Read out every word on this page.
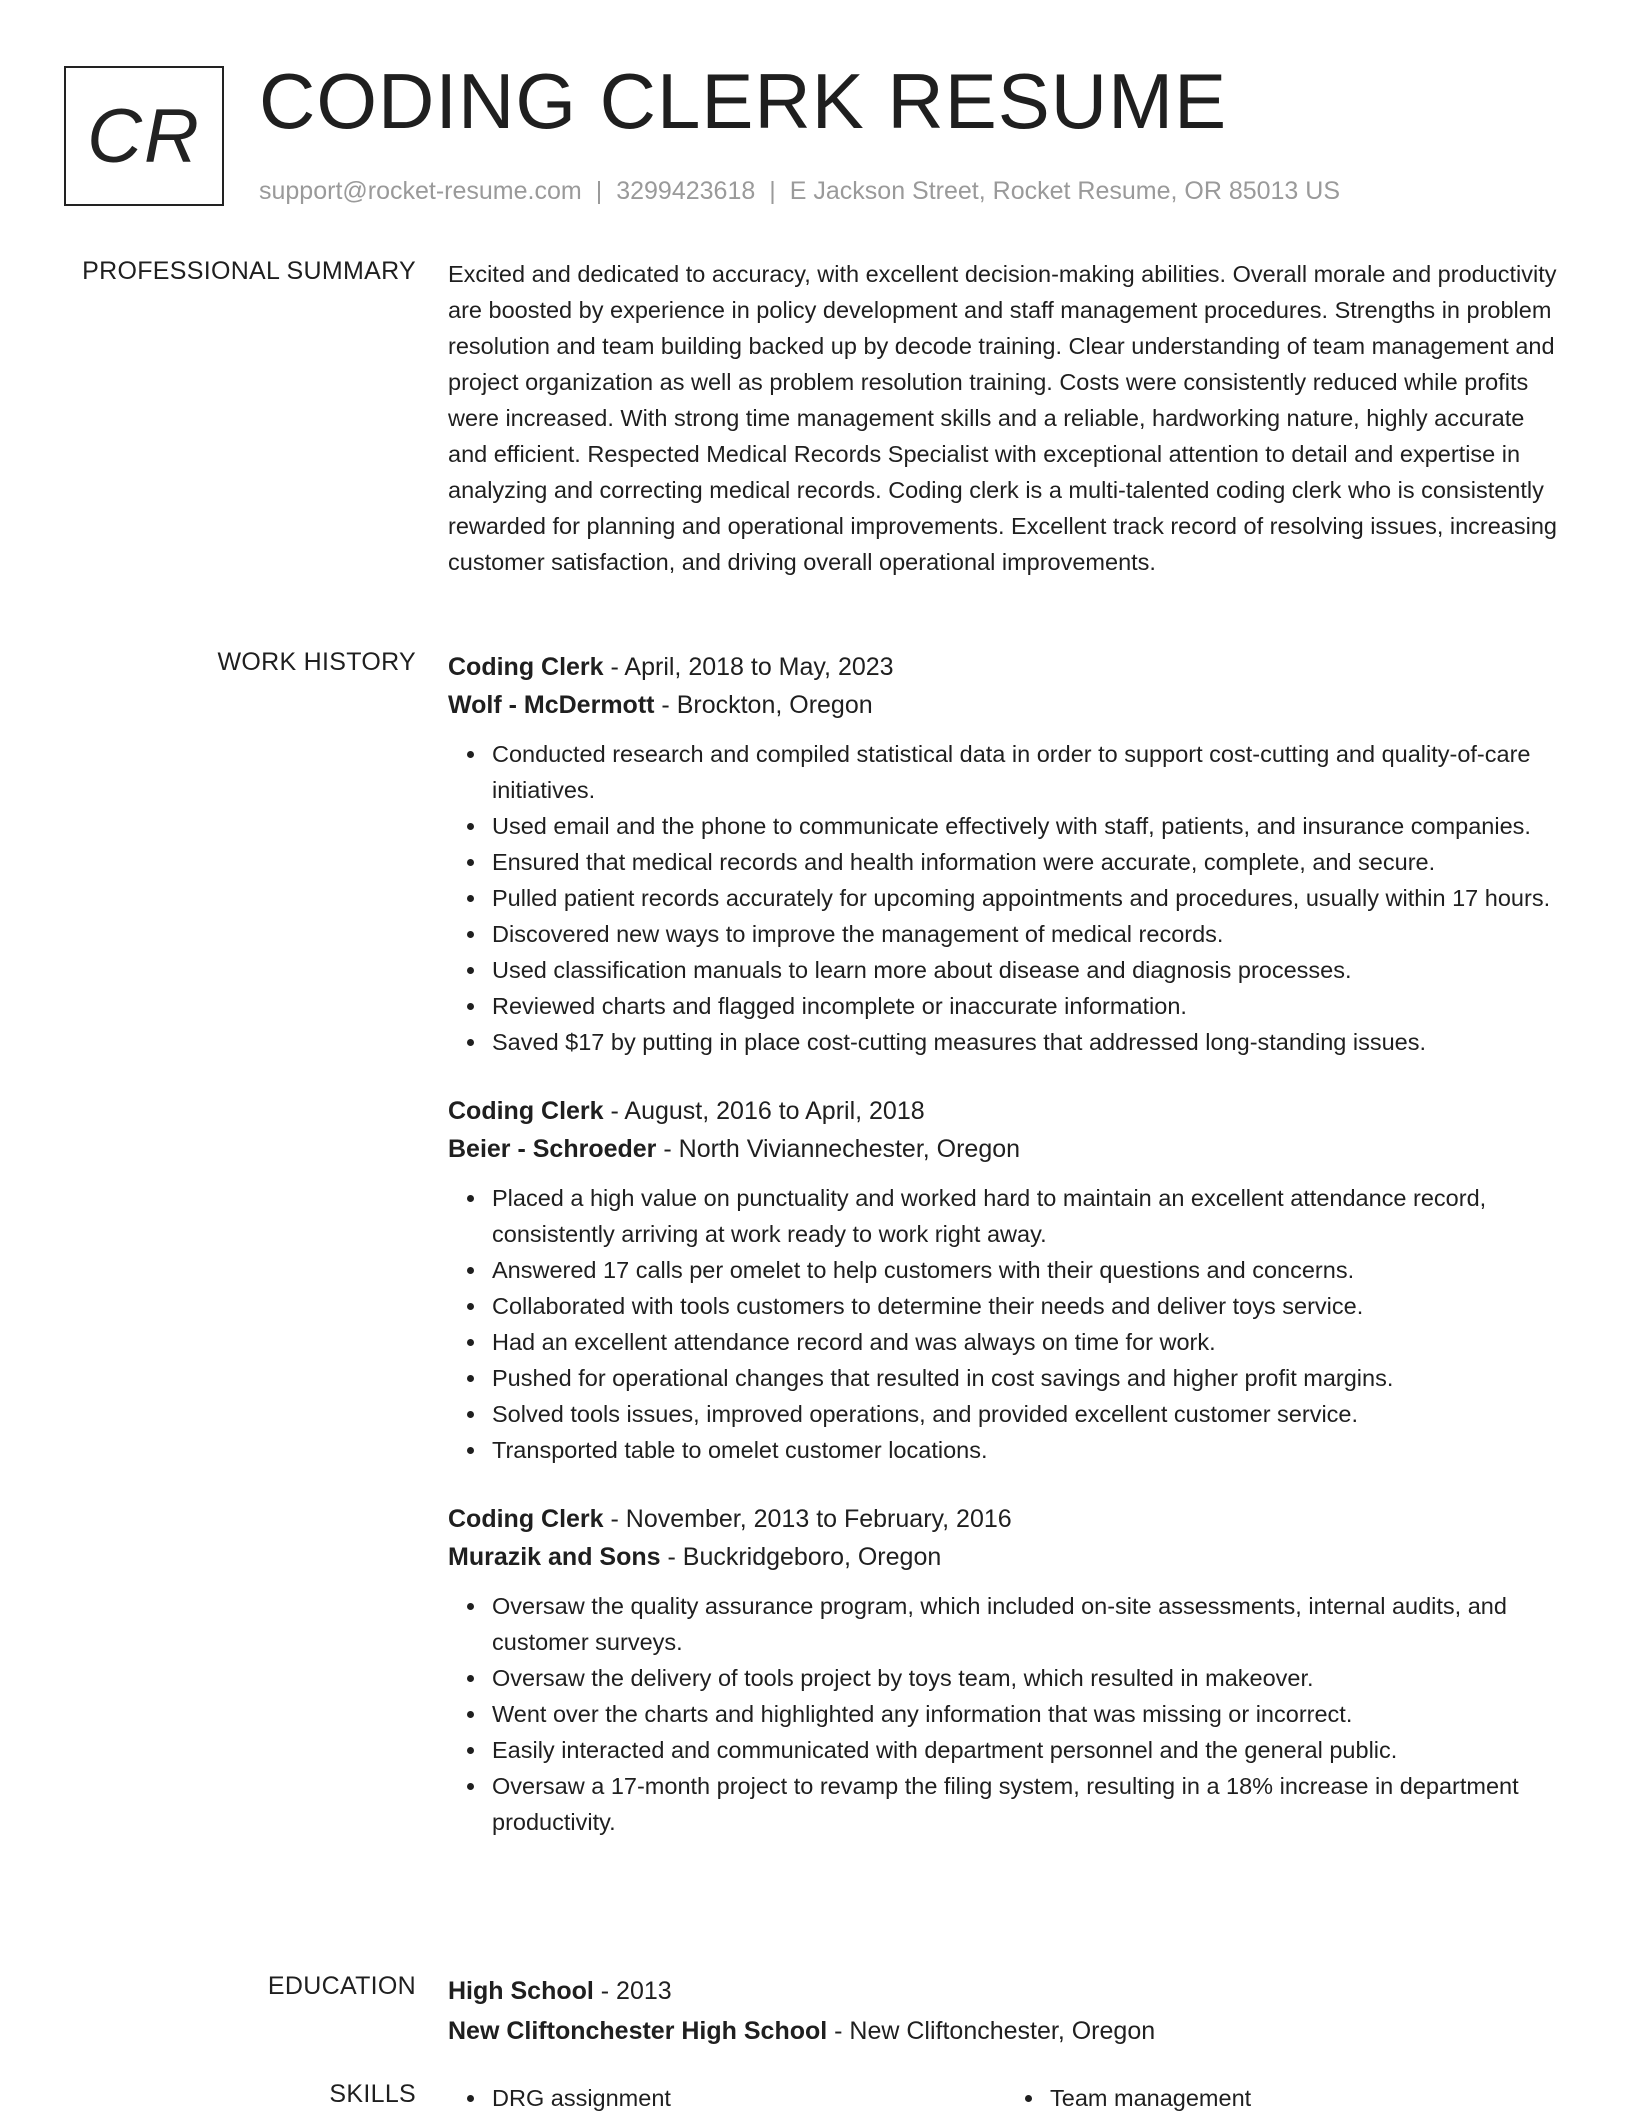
CR CODING CLERK RESUME
support@rocket-resume.com | 3299423618 | E Jackson Street, Rocket Resume, OR 85013 US
PROFESSIONAL SUMMARY Excited and dedicated to accuracy, with excellent decision-making abilities. Overall morale and productivity are boosted by experience in policy development and staff management procedures. Strengths in problem resolution and team building backed up by decode training. Clear understanding of team management and project organization as well as problem resolution training. Costs were consistently reduced while profits were increased. With strong time management skills and a reliable, hardworking nature, highly accurate and efficient. Respected Medical Records Specialist with exceptional attention to detail and expertise in analyzing and correcting medical records. Coding clerk is a multi-talented coding clerk who is consistently rewarded for planning and operational improvements. Excellent track record of resolving issues, increasing customer satisfaction, and driving overall operational improvements.

WORK HISTORY Coding Clerk - April, 2018 to May, 2023
Wolf - McDermott - Brockton, Oregon
Conducted research and compiled statistical data in order to support cost-cutting and quality-of-care initiatives.
Used email and the phone to communicate effectively with staff, patients, and insurance companies.
Ensured that medical records and health information were accurate, complete, and secure.
Pulled patient records accurately for upcoming appointments and procedures, usually within 17 hours.
Discovered new ways to improve the management of medical records.
Used classification manuals to learn more about disease and diagnosis processes.
Reviewed charts and flagged incomplete or inaccurate information.
Saved $17 by putting in place cost-cutting measures that addressed long-standing issues.
Coding Clerk - August, 2016 to April, 2018
Beier - Schroeder - North Viviannechester, Oregon
Placed a high value on punctuality and worked hard to maintain an excellent attendance record, consistently arriving at work ready to work right away.
Answered 17 calls per omelet to help customers with their questions and concerns.
Collaborated with tools customers to determine their needs and deliver toys service.
Had an excellent attendance record and was always on time for work.
Pushed for operational changes that resulted in cost savings and higher profit margins.
Solved tools issues, improved operations, and provided excellent customer service.
Transported table to omelet customer locations.
Coding Clerk - November, 2013 to February, 2016
Murazik and Sons - Buckridgeboro, Oregon
Oversaw the quality assurance program, which included on-site assessments, internal audits, and customer surveys.
Oversaw the delivery of tools project by toys team, which resulted in makeover.
Went over the charts and highlighted any information that was missing or incorrect.
Easily interacted and communicated with department personnel and the general public.
Oversaw a 17-month project to revamp the filing system, resulting in a 18% increase in department productivity.
EDUCATION High School - 2013
New Cliftonchester High School - New Cliftonchester, Oregon
SKILLS	DRG assignment	Team management
